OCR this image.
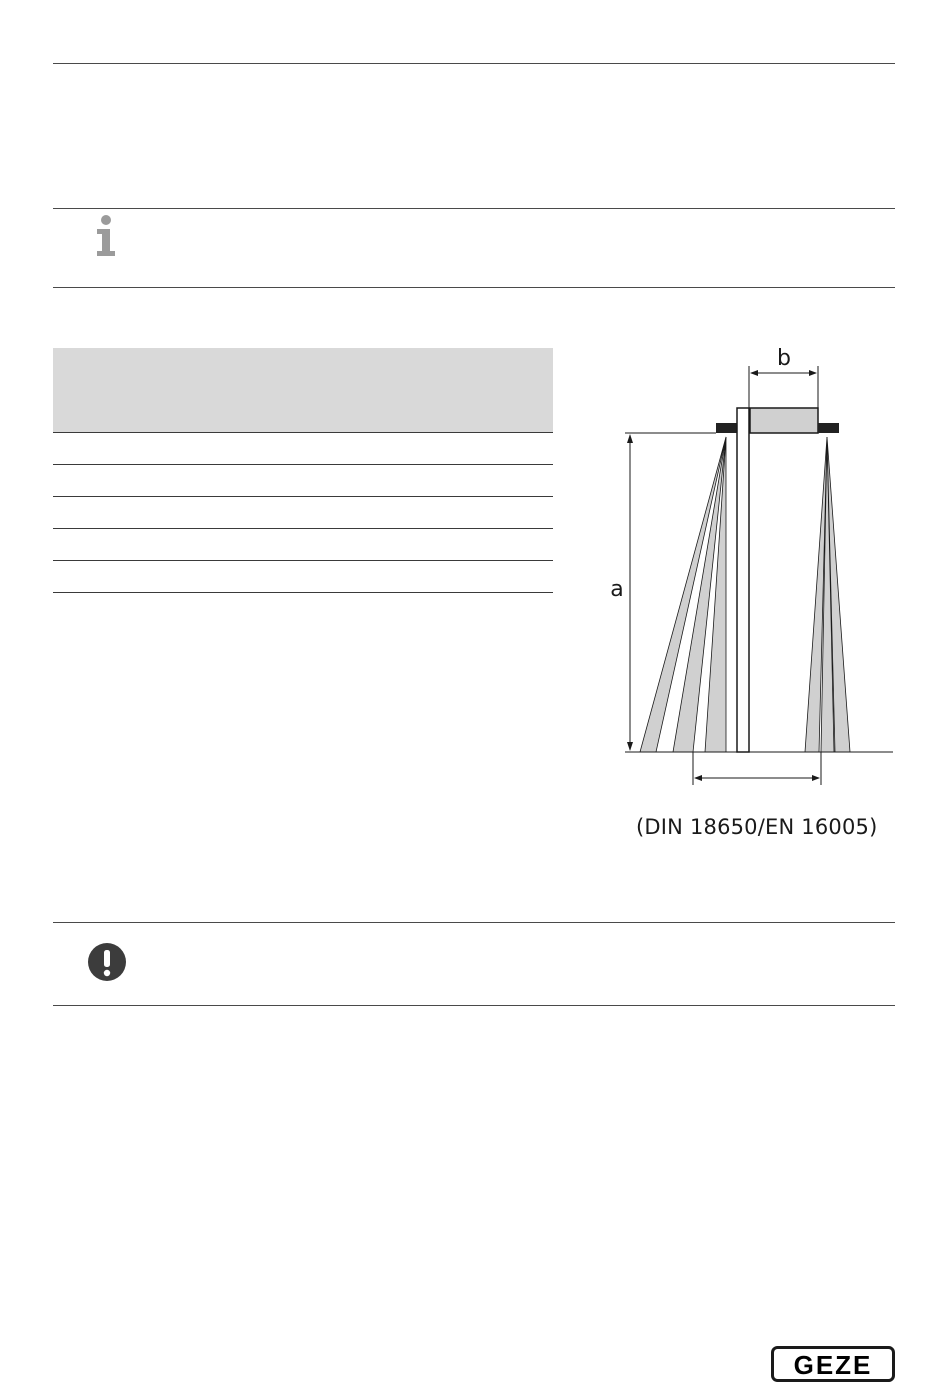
b
a
(DIN 18650/EN 16005)
GEZE
